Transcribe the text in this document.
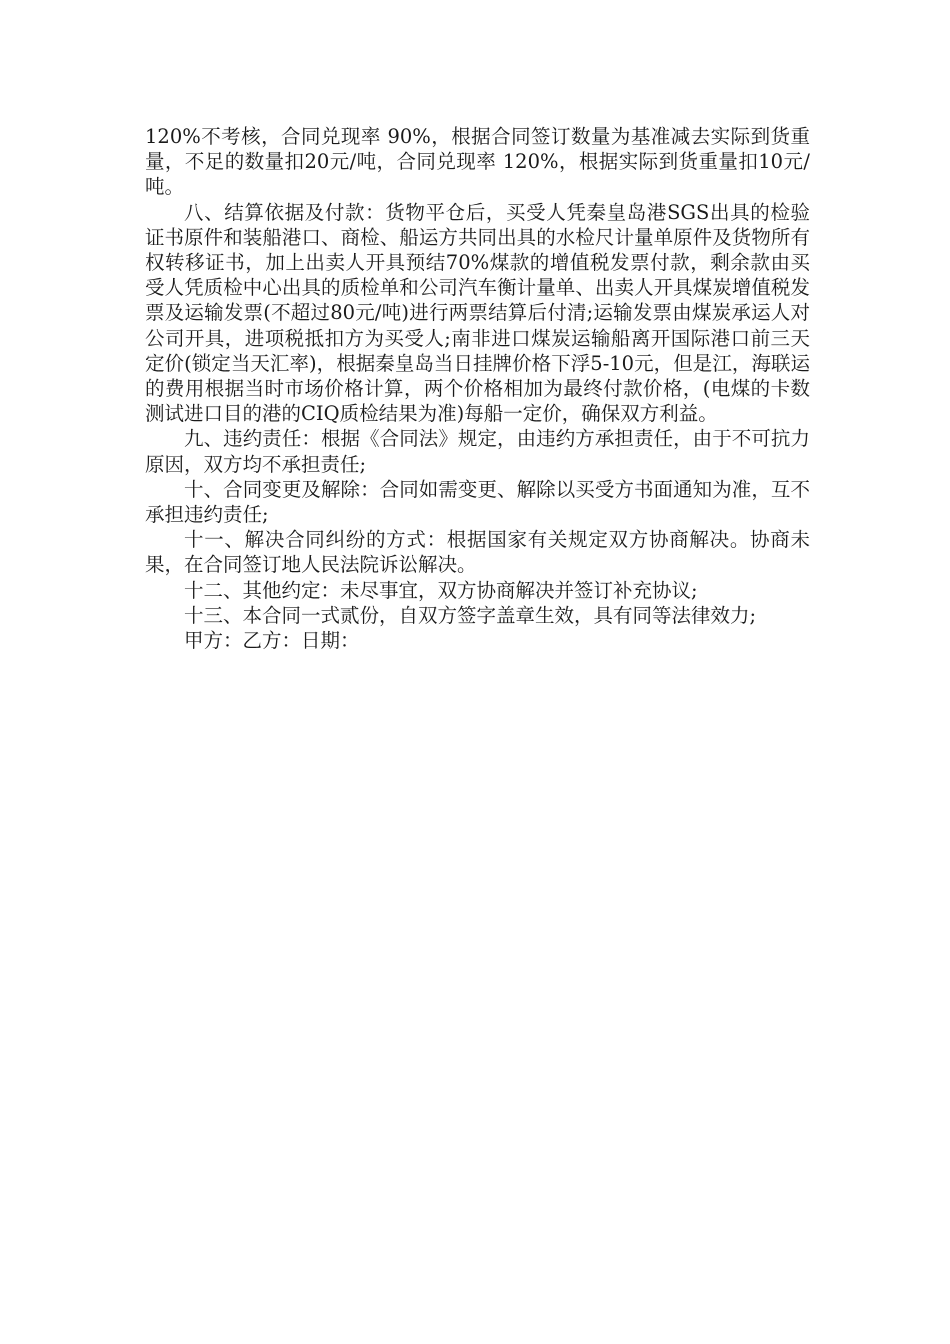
120%不考核，合同兑现率 90%，根据合同签订数量为基准减去实际到货重量，不足的数量扣20元/吨，合同兑现率 120%，根据实际到货重量扣10元/吨。

八、结算依据及付款：货物平仓后，买受人凭秦皇岛港SGS出具的检验证书原件和装船港口、商检、船运方共同出具的水检尺计量单原件及货物所有权转移证书，加上出卖人开具预结70%煤款的增值税发票付款，剩余款由买受人凭质检中心出具的质检单和公司汽车衡计量单、出卖人开具煤炭增值税发票及运输发票(不超过80元/吨)进行两票结算后付清;运输发票由煤炭承运人对公司开具，进项税抵扣方为买受人;南非进口煤炭运输船离开国际港口前三天定价(锁定当天汇率)，根据秦皇岛当日挂牌价格下浮5-10元，但是江，海联运的费用根据当时市场价格计算，两个价格相加为最终付款价格，(电煤的卡数测试进口目的港的CIQ质检结果为准)每船一定价，确保双方利益。

九、违约责任：根据《合同法》规定，由违约方承担责任，由于不可抗力原因，双方均不承担责任;

十、合同变更及解除：合同如需变更、解除以买受方书面通知为准，互不承担违约责任;

十一、解决合同纠纷的方式：根据国家有关规定双方协商解决。协商未果，在合同签订地人民法院诉讼解决。

十二、其他约定：未尽事宜，双方协商解决并签订补充协议;

十三、本合同一式贰份，自双方签字盖章生效，具有同等法律效力;

甲方：乙方：日期：
